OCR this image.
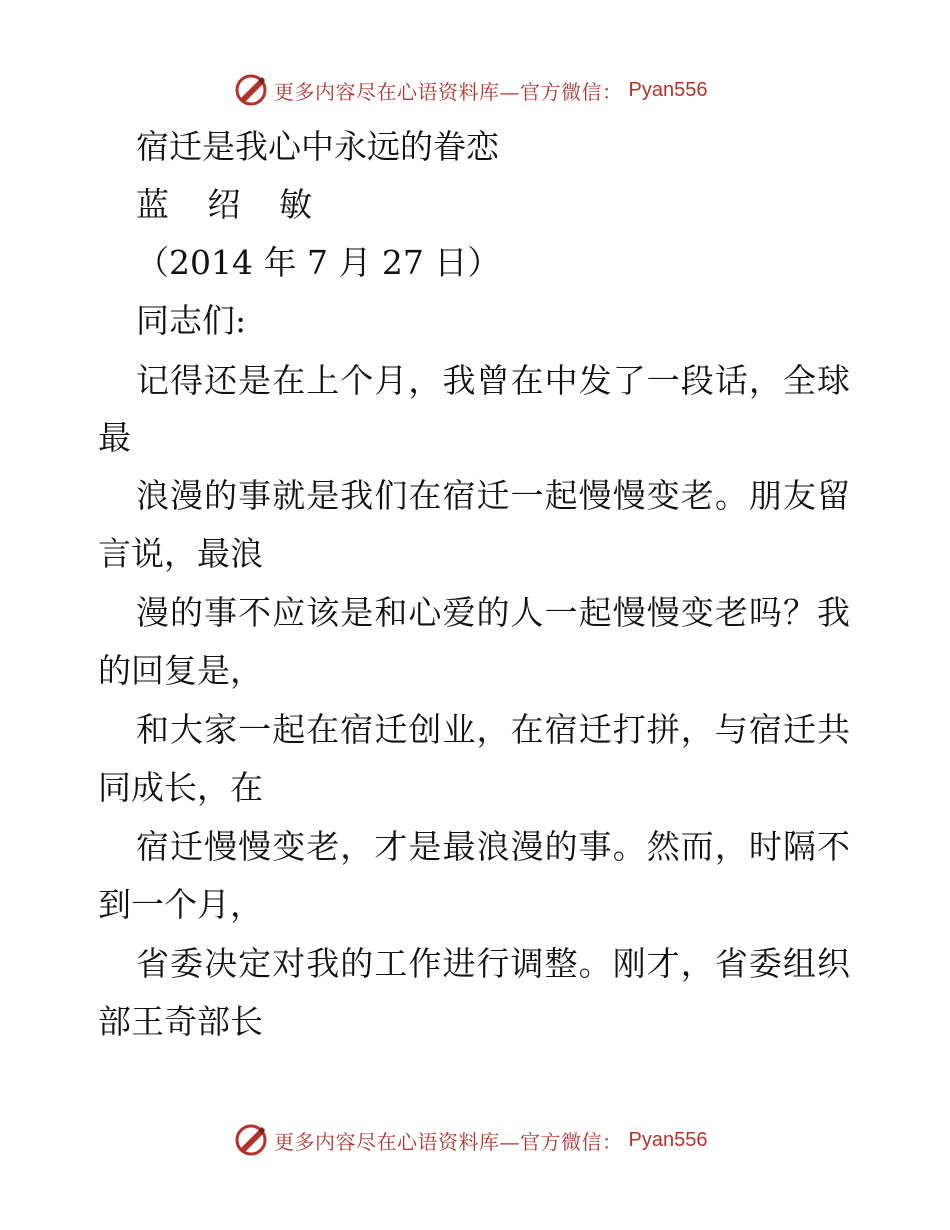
更多内容尽在心语资料库—官方微信： Pyan556
宿迁是我心中永远的眷恋
蓝 绍 敏
（2014 年 7 月 27 日）
同志们:
记得还是在上个月，我曾在中发了一段话，全球
最
浪漫的事就是我们在宿迁一起慢慢变老。朋友留
言说，最浪
漫的事不应该是和心爱的人一起慢慢变老吗？我
的回复是，
和大家一起在宿迁创业，在宿迁打拼，与宿迁共
同成长，在
宿迁慢慢变老，才是最浪漫的事。然而，时隔不
到一个月，
省委决定对我的工作进行调整。刚才，省委组织
部王奇部长
更多内容尽在心语资料库—官方微信： Pyan556
